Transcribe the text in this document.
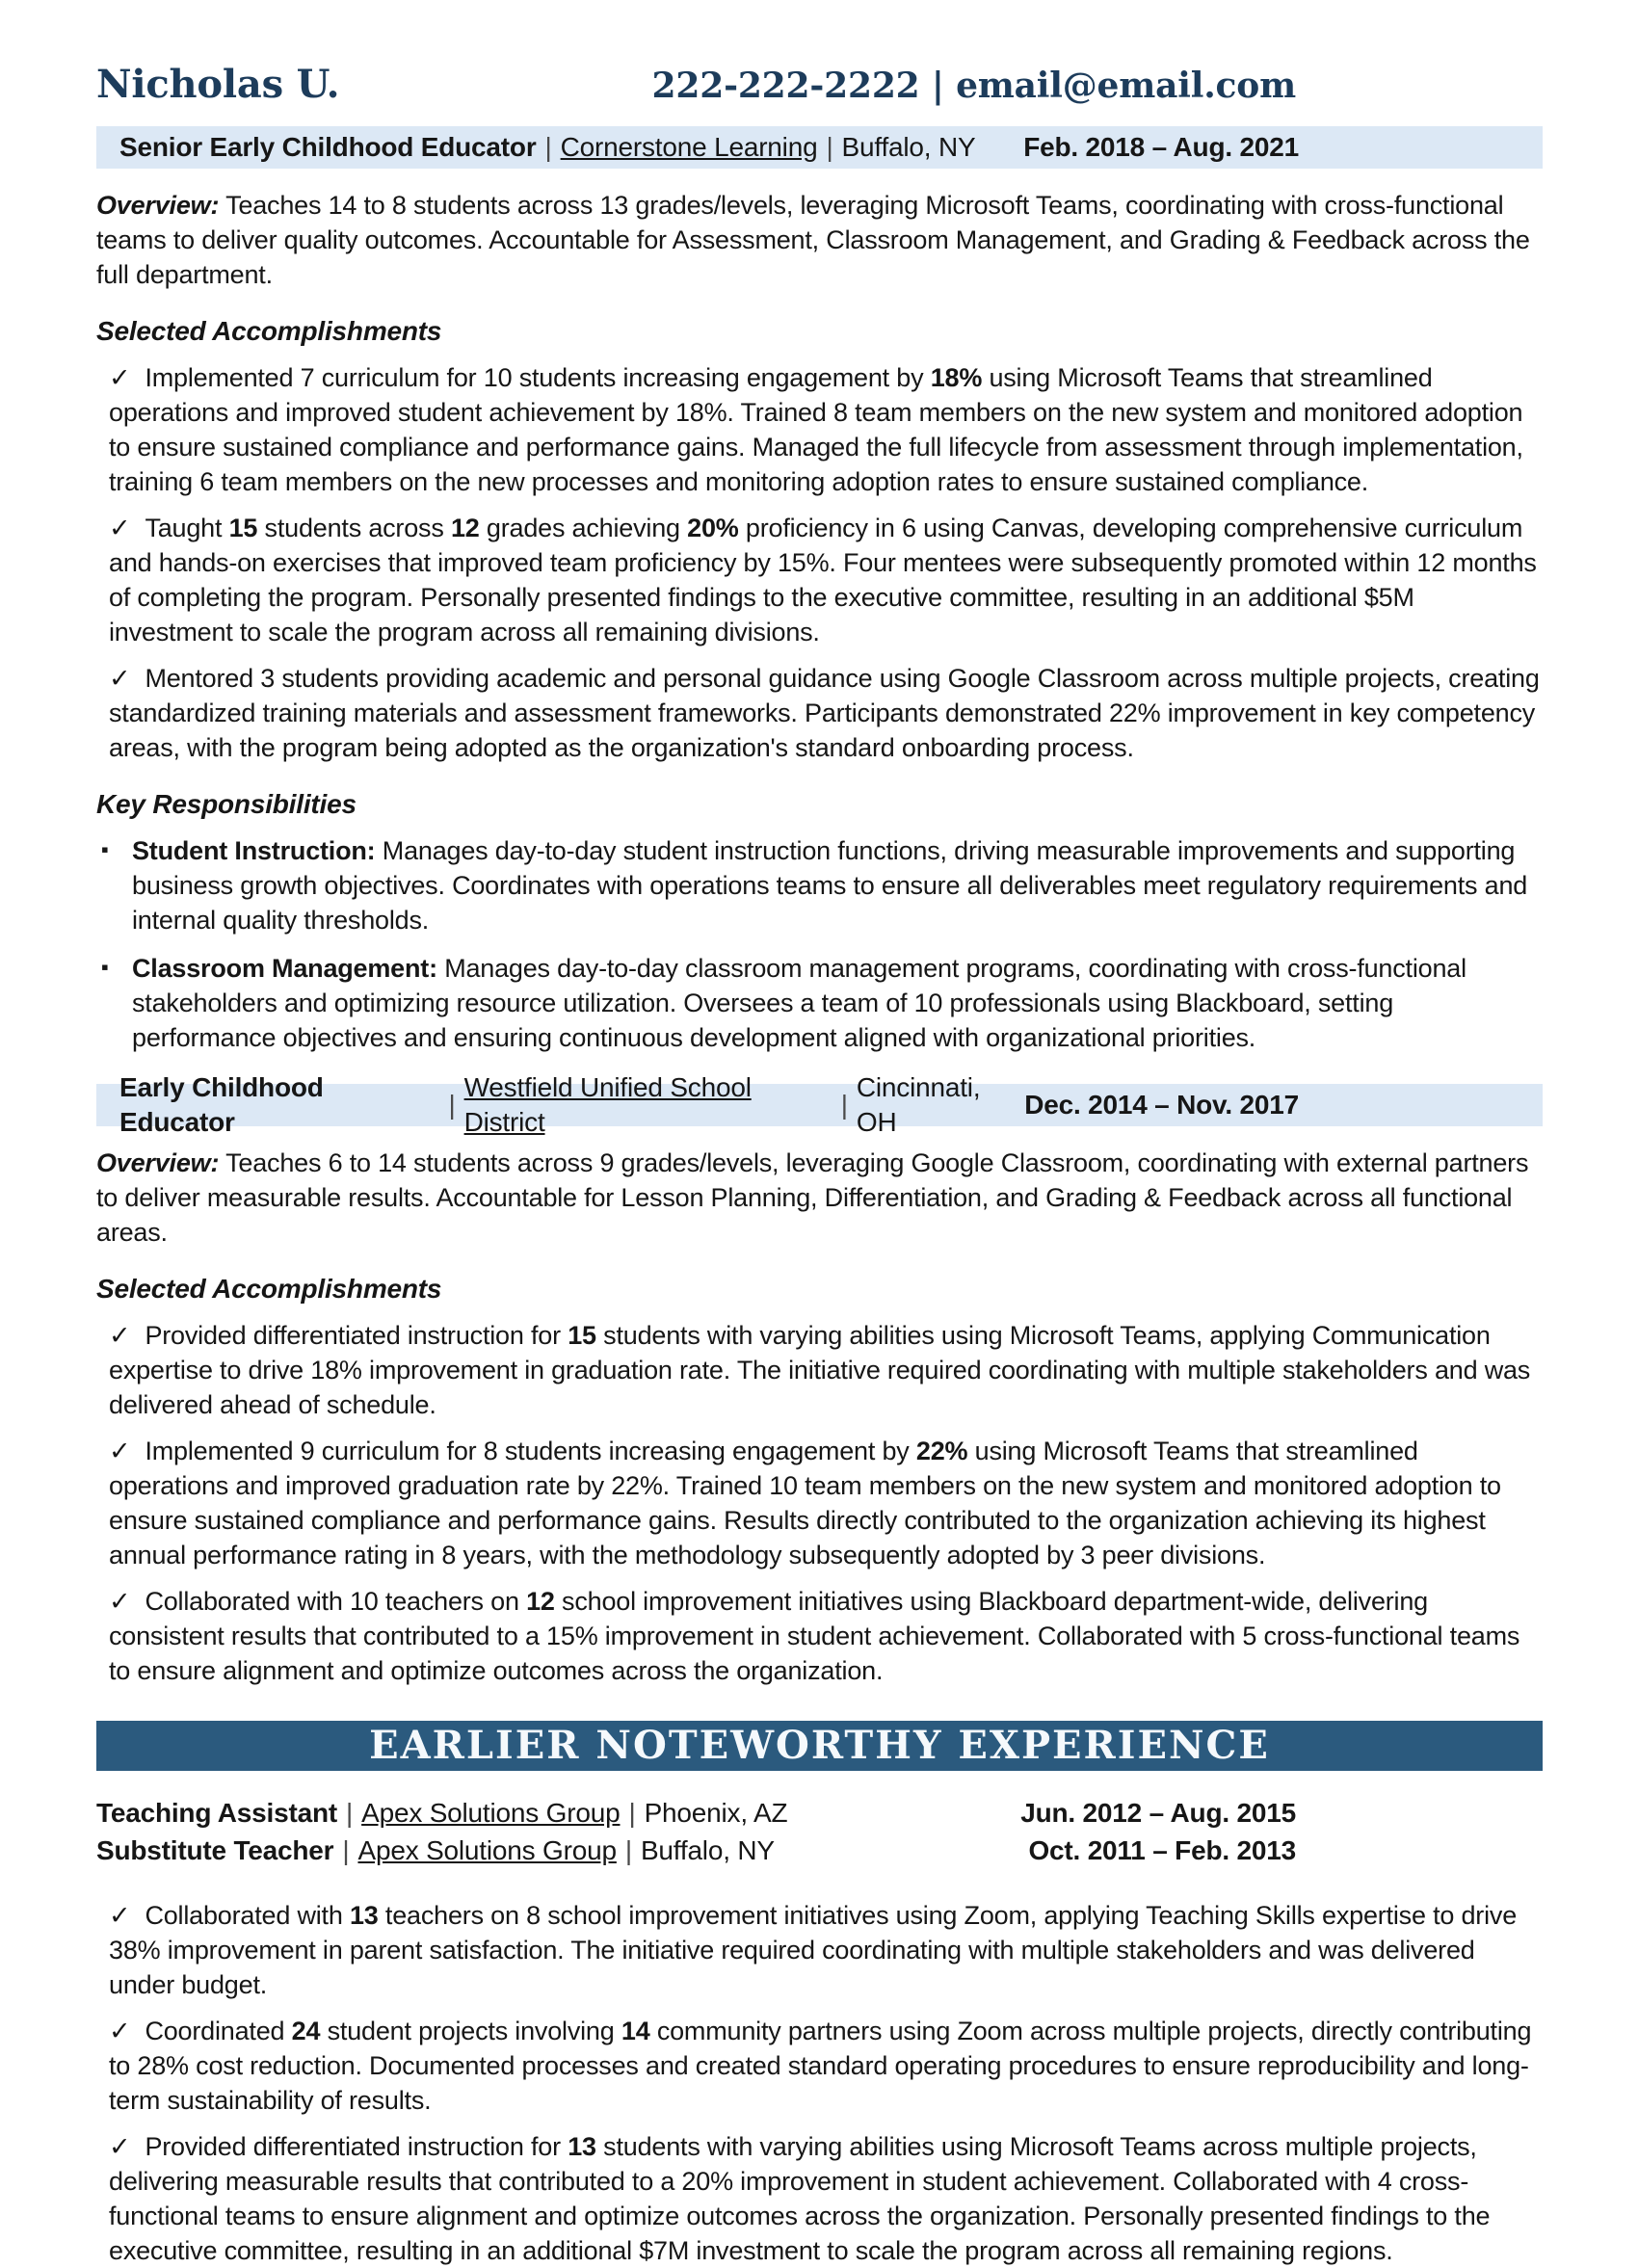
Nicholas U.	222-222-2222 | email@email.com
Senior Early Childhood Educator | Cornerstone Learning | Buffalo, NY Feb. 2018 – Aug. 2021

Overview: Teaches 14 to 8 students across 13 grades/levels, leveraging Microsoft Teams, coordinating with cross-functional teams to deliver quality outcomes. Accountable for Assessment, Classroom Management, and Grading & Feedback across the full department.

Selected Accomplishments
✓ Implemented 7 curriculum for 10 students increasing engagement by 18% using Microsoft Teams that streamlined operations and improved student achievement by 18%. Trained 8 team members on the new system and monitored adoption to ensure sustained compliance and performance gains. Managed the full lifecycle from assessment through implementation, training 6 team members on the new processes and monitoring adoption rates to ensure sustained compliance.
✓ Taught 15 students across 12 grades achieving 20% proficiency in 6 using Canvas, developing comprehensive curriculum and hands-on exercises that improved team proficiency by 15%. Four mentees were subsequently promoted within 12 months of completing the program. Personally presented findings to the executive committee, resulting in an additional $5M investment to scale the program across all remaining divisions.
✓ Mentored 3 students providing academic and personal guidance using Google Classroom across multiple projects, creating standardized training materials and assessment frameworks. Participants demonstrated 22% improvement in key competency areas, with the program being adopted as the organization's standard onboarding process.
Key Responsibilities
▪ Student Instruction: Manages day-to-day student instruction functions, driving measurable improvements and supporting business growth objectives. Coordinates with operations teams to ensure all deliverables meet regulatory requirements and internal quality thresholds.
▪ Classroom Management: Manages day-to-day classroom management programs, coordinating with cross-functional stakeholders and optimizing resource utilization. Oversees a team of 10 professionals using Blackboard, setting performance objectives and ensuring continuous development aligned with organizational priorities.
Early Childhood Educator
|
Westfield Unified School District
|
Cincinnati, OH
Dec. 2014 – Nov. 2017

Overview: Teaches 6 to 14 students across 9 grades/levels, leveraging Google Classroom, coordinating with external partners to deliver measurable results. Accountable for Lesson Planning, Differentiation, and Grading & Feedback across all functional areas.

Selected Accomplishments
✓ Provided differentiated instruction for 15 students with varying abilities using Microsoft Teams, applying Communication expertise to drive 18% improvement in graduation rate. The initiative required coordinating with multiple stakeholders and was delivered ahead of schedule.
✓ Implemented 9 curriculum for 8 students increasing engagement by 22% using Microsoft Teams that streamlined operations and improved graduation rate by 22%. Trained 10 team members on the new system and monitored adoption to ensure sustained compliance and performance gains. Results directly contributed to the organization achieving its highest annual performance rating in 8 years, with the methodology subsequently adopted by 3 peer divisions.
✓ Collaborated with 10 teachers on 12 school improvement initiatives using Blackboard department-wide, delivering consistent results that contributed to a 15% improvement in student achievement. Collaborated with 5 cross-functional teams to ensure alignment and optimize outcomes across the organization.
EARLIER NOTEWORTHY EXPERIENCE
Teaching Assistant | Apex Solutions Group | Phoenix, AZ	Jun. 2012 – Aug. 2015
Substitute Teacher | Apex Solutions Group | Buffalo, NY	Oct. 2011 – Feb. 2013
✓ Collaborated with 13 teachers on 8 school improvement initiatives using Zoom, applying Teaching Skills expertise to drive 38% improvement in parent satisfaction. The initiative required coordinating with multiple stakeholders and was delivered under budget.
✓ Coordinated 24 student projects involving 14 community partners using Zoom across multiple projects, directly contributing to 28% cost reduction. Documented processes and created standard operating procedures to ensure reproducibility and long-term sustainability of results.
✓ Provided differentiated instruction for 13 students with varying abilities using Microsoft Teams across multiple projects, delivering measurable results that contributed to a 20% improvement in student achievement. Collaborated with 4 cross-functional teams to ensure alignment and optimize outcomes across the organization. Personally presented findings to the executive committee, resulting in an additional $7M investment to scale the program across all remaining regions.
